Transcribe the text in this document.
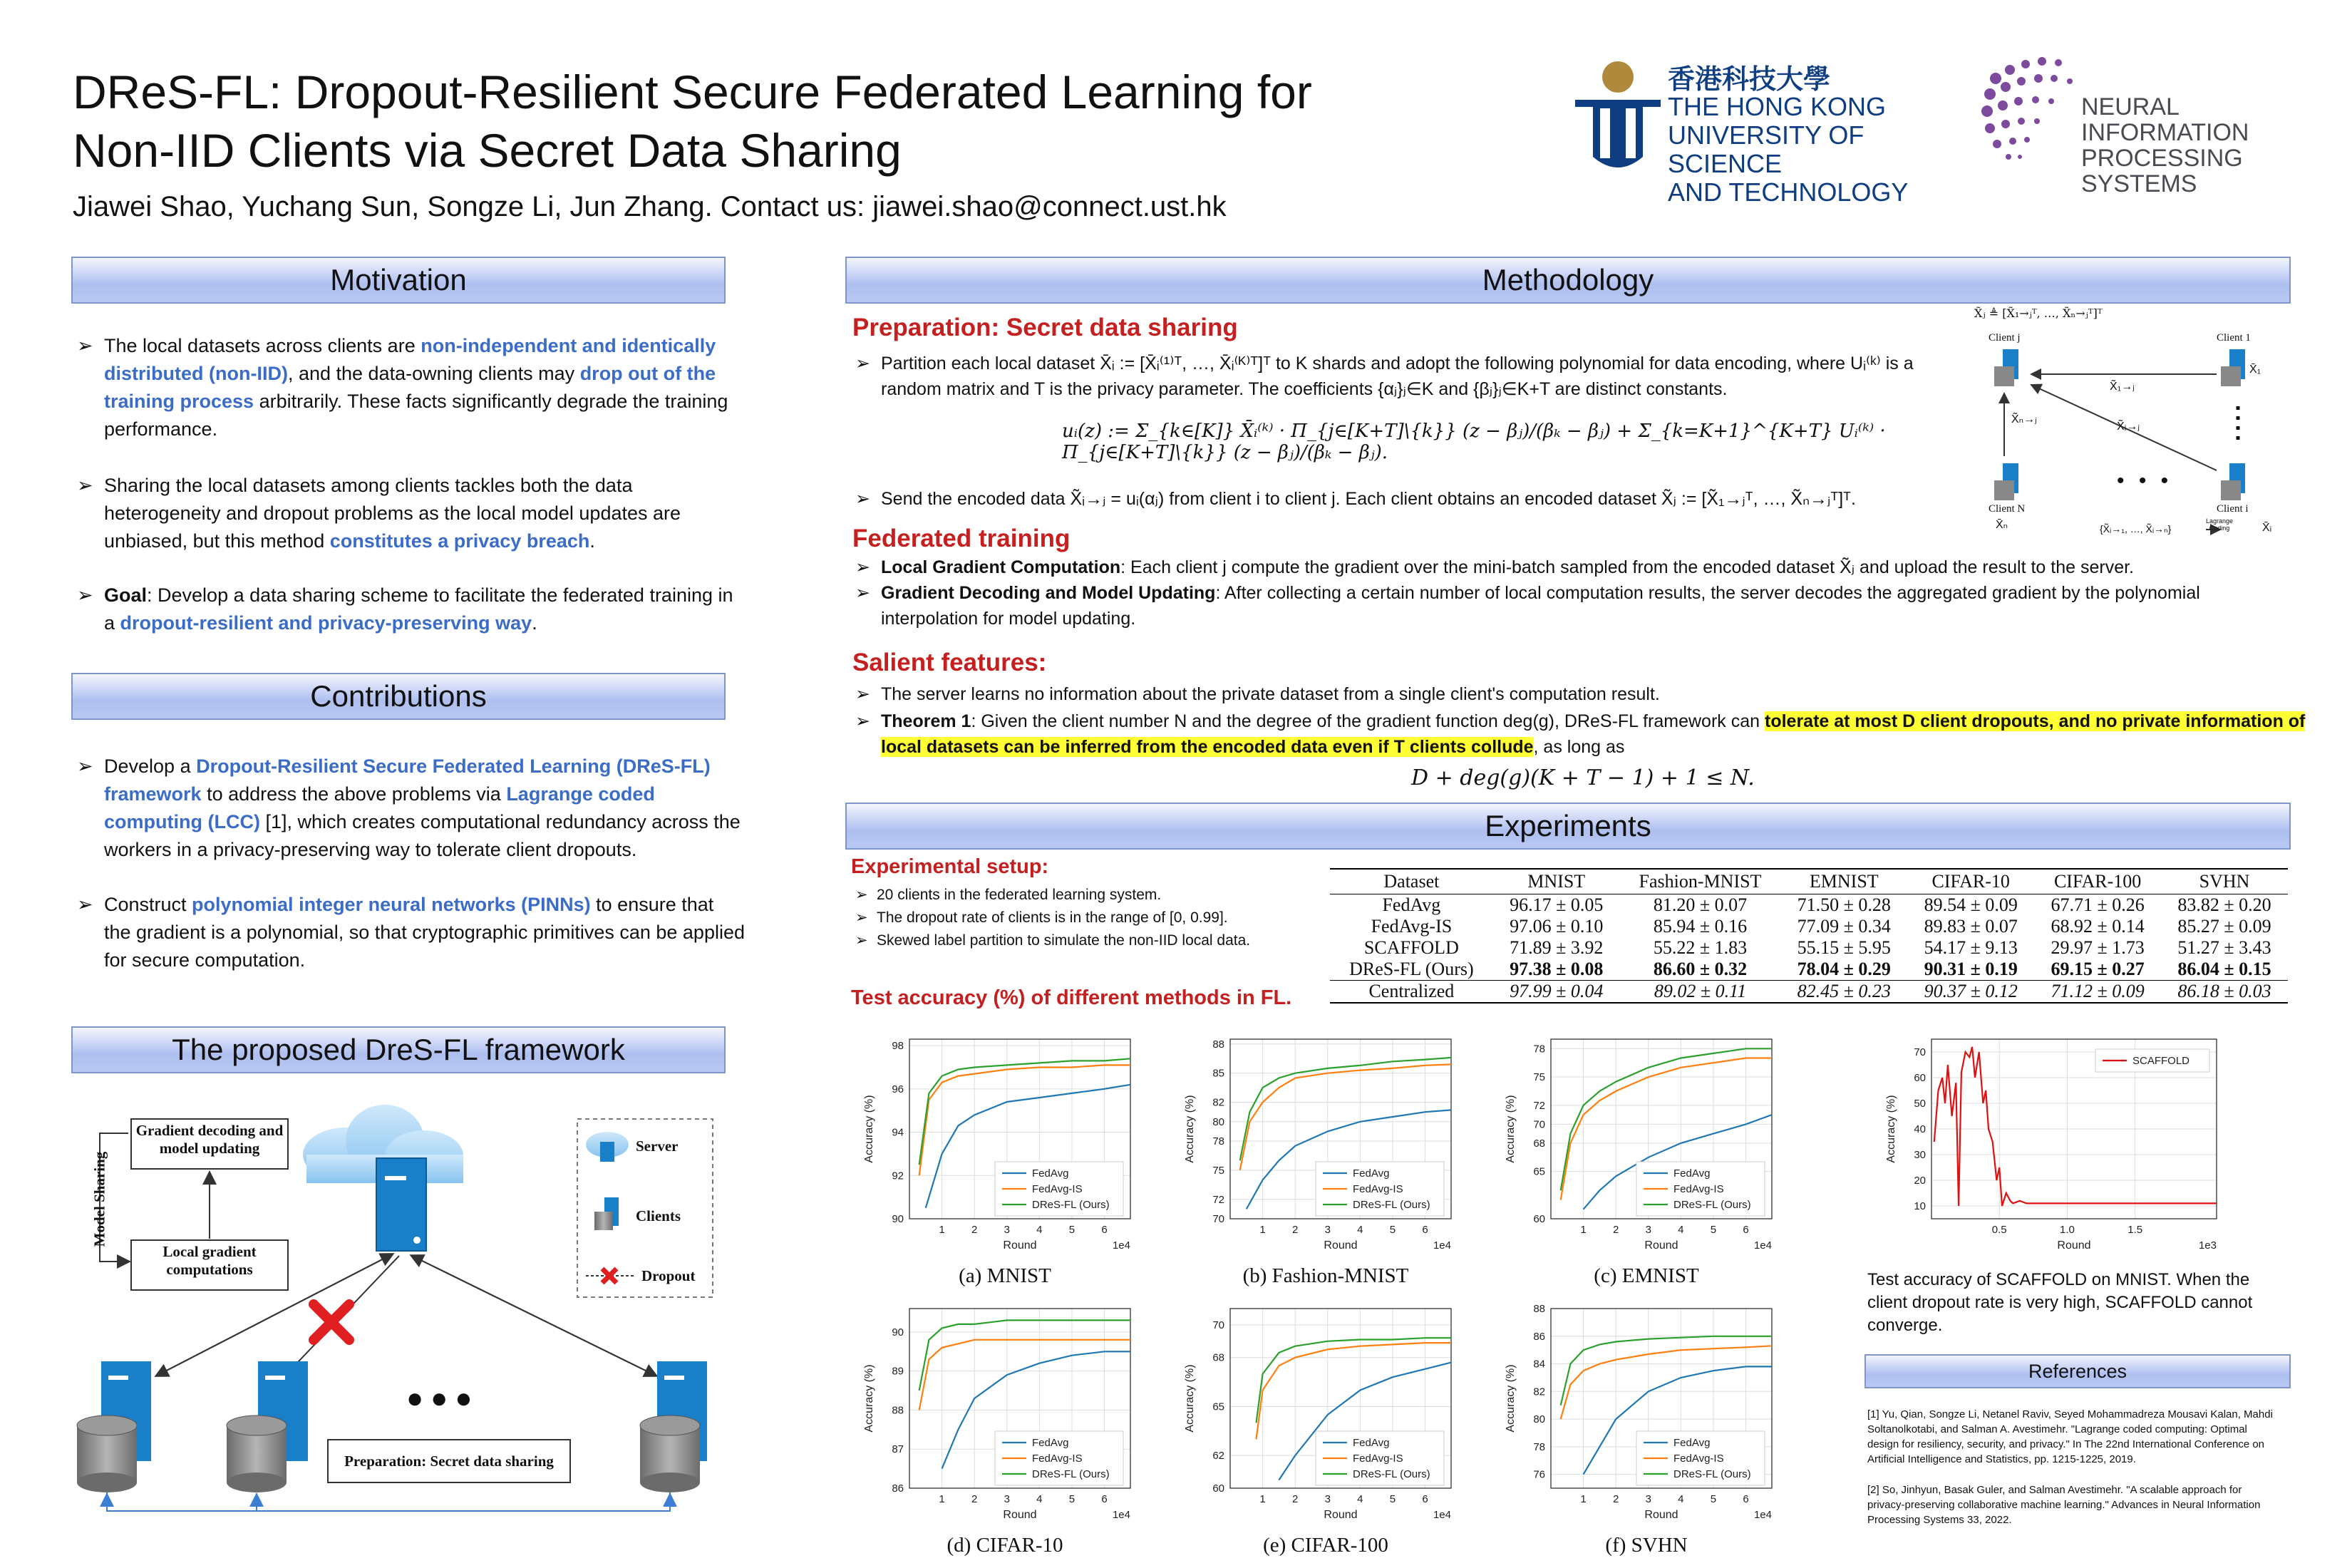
DReS-FL: Dropout-Resilient Secure Federated Learning for
Non-IID Clients via Secret Data Sharing
Jiawei Shao, Yuchang Sun, Songze Li, Jun Zhang. Contact us: jiawei.shao@connect.ust.hk
香港科技大學
THE HONG KONG
UNIVERSITY OF SCIENCE
AND TECHNOLOGY
NEURAL INFORMATION
PROCESSING SYSTEMS
Motivation
➢ The local datasets across clients are non-independent and identically distributed (non-IID), and the data-owning clients may drop out of the training process arbitrarily. These facts significantly degrade the training performance.
➢ Sharing the local datasets among clients tackles both the data heterogeneity and dropout problems as the local model updates are unbiased, but this method constitutes a privacy breach.
➢ Goal: Develop a data sharing scheme to facilitate the federated training in a dropout-resilient and privacy-preserving way.
Contributions
➢ Develop a Dropout-Resilient Secure Federated Learning (DReS-FL) framework to address the above problems via Lagrange coded computing (LCC) [1], which creates computational redundancy across the workers in a privacy-preserving way to tolerate client dropouts.
➢ Construct polynomial integer neural networks (PINNs) to ensure that the gradient is a polynomial, so that cryptographic primitives can be applied for secure computation.
The proposed DreS-FL framework
Gradient decoding and model updating
Local gradient computations
Model Sharing
Server
Clients
Dropout
Preparation: Secret data sharing
●●●
Methodology
Preparation: Secret data sharing
➢ Partition each local dataset X̄ᵢ := [X̄ᵢ⁽¹⁾ᵀ, …, X̄ᵢ⁽ᴷ⁾ᵀ]ᵀ to K shards and adopt the following polynomial for data encoding, where Uᵢ⁽ᵏ⁾ is a random matrix and T is the privacy parameter. The coefficients {αⱼ}ⱼ∈K and {βⱼ}ⱼ∈K+T are distinct constants.
uᵢ(z) := Σ_{k∈[K]} X̄ᵢ⁽ᵏ⁾ · Π_{j∈[K+T]\{k}} (z − βⱼ)/(βₖ − βⱼ) + Σ_{k=K+1}^{K+T} Uᵢ⁽ᵏ⁾ · Π_{j∈[K+T]\{k}} (z − βⱼ)/(βₖ − βⱼ).
➢ Send the encoded data X̃ᵢ→ⱼ = uᵢ(αⱼ) from client i to client j. Each client obtains an encoded dataset X̃ⱼ := [X̃₁→ⱼᵀ, …, X̃ₙ→ⱼᵀ]ᵀ.
X̃ⱼ ≜ [X̃₁→ⱼᵀ, …, X̃ₙ→ⱼᵀ]ᵀ
Client j	Client 1
Client N	Client i
X̄₁
X̄ₙ	X̄ᵢ
X̃₁→ⱼ
X̃ₙ→ⱼ
X̃ᵢ→ⱼ
{X̃ᵢ→₁, …, X̃ᵢ→ₙ}
Lagrange Coding
• • •
Federated training
➢ Local Gradient Computation: Each client j compute the gradient over the mini-batch sampled from the encoded dataset X̃ⱼ and upload the result to the server.
➢ Gradient Decoding and Model Updating: After collecting a certain number of local computation results, the server decodes the aggregated gradient by the polynomial interpolation for model updating.
Salient features:
➢ The server learns no information about the private dataset from a single client's computation result.
➢ Theorem 1: Given the client number N and the degree of the gradient function deg(g), DReS-FL framework can tolerate at most D client dropouts, and no private information of local datasets can be inferred from the encoded data even if T clients collude, as long as
D + deg(g)(K + T − 1) + 1 ≤ N.
Experiments
Experimental setup:
➢ 20 clients in the federated learning system.
➢ The dropout rate of clients is in the range of [0, 0.99].
➢ Skewed label partition to simulate the non-IID local data.
Test accuracy (%) of different methods in FL.
Dataset	MNIST	Fashion-MNIST	EMNIST	CIFAR-10	CIFAR-100	SVHN
FedAvg	96.17 ± 0.05	81.20 ± 0.07	71.50 ± 0.28	89.54 ± 0.09	67.71 ± 0.26	83.82 ± 0.20
FedAvg-IS	97.06 ± 0.10	85.94 ± 0.16	77.09 ± 0.34	89.83 ± 0.07	68.92 ± 0.14	85.27 ± 0.09
SCAFFOLD	71.89 ± 3.92	55.22 ± 1.83	55.15 ± 5.95	54.17 ± 9.13	29.97 ± 1.73	51.27 ± 3.43
DReS-FL (Ours)	97.38 ± 0.08	86.60 ± 0.32	78.04 ± 0.29	90.31 ± 0.19	69.15 ± 0.27	86.04 ± 0.15
Centralized	97.99 ± 0.04	89.02 ± 0.11	82.45 ± 0.23	90.37 ± 0.12	71.12 ± 0.09	86.18 ± 0.03
90
92
94
96
98
1 2 3 4 5 6
Round	1e4
Accuracy (%)
FedAvg
FedAvg-IS
DReS-FL (Ours)
70
72
75
78
80
82
85
88
1 2 3 4 5 6
Round	1e4
Accuracy (%)
FedAvg
FedAvg-IS
DReS-FL (Ours)
60
65
68
70
72
75
78
1 2 3 4 5 6
Round	1e4
Accuracy (%)
FedAvg
FedAvg-IS
DReS-FL (Ours)
86
87
88
89
90
1 2 3 4 5 6
Round	1e4
Accuracy (%)
FedAvg
FedAvg-IS
DReS-FL (Ours)
60
62
65
68
70
1 2 3 4 5 6
Round	1e4
Accuracy (%)
FedAvg
FedAvg-IS
DReS-FL (Ours)	76
78
80
82
84
86
88
1 2 3 4 5 6
Round	1e4
Accuracy (%)
FedAvg
FedAvg-IS
DReS-FL (Ours)
10
20
30
40
50
60
70
0.5	1.0	1.5
Round	1e3
Accuracy (%)
SCAFFOLD
(a) MNIST	(b) Fashion-MNIST	(c) EMNIST
(d) CIFAR-10	(e) CIFAR-100	(f) SVHN
Test accuracy of SCAFFOLD on MNIST. When the client dropout rate is very high, SCAFFOLD cannot converge.
References
[1] Yu, Qian, Songze Li, Netanel Raviv, Seyed Mohammadreza Mousavi Kalan, Mahdi Soltanolkotabi, and Salman A. Avestimehr. "Lagrange coded computing: Optimal design for resiliency, security, and privacy." In The 22nd International Conference on Artificial Intelligence and Statistics, pp. 1215-1225, 2019.
[2] So, Jinhyun, Basak Guler, and Salman Avestimehr. "A scalable approach for privacy-preserving collaborative machine learning." Advances in Neural Information Processing Systems 33, 2022.
